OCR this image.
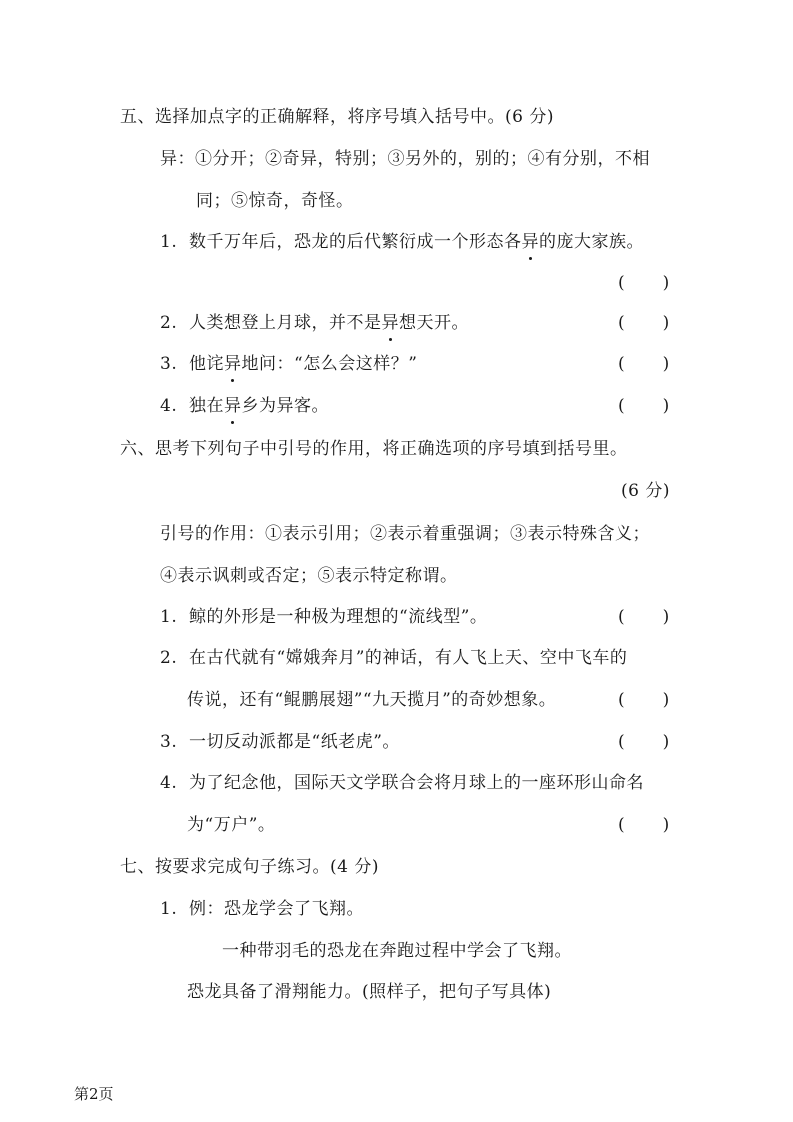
五、选择加点字的正确解释，将序号填入括号中。(6 分)
异：①分开；②奇异，特别；③另外的，别的；④有分别，不相
同；⑤惊奇，奇怪。
1. 数千万年后，恐龙的后代繁衍成一个形态各异的庞大家族。
( )
2. 人类想登上月球，并不是异想天开。	( )
3. 他诧异地问：“怎么会这样？”	( )
4. 独在异乡为异客。	( )
六、思考下列句子中引号的作用，将正确选项的序号填到括号里。
(6 分)
引号的作用：①表示引用；②表示着重强调；③表示特殊含义；
④表示讽刺或否定；⑤表示特定称谓。
1. 鲸的外形是一种极为理想的“流线型”。	( )
2. 在古代就有“嫦娥奔月”的神话，有人飞上天、空中飞车的
传说，还有“鲲鹏展翅”“九天揽月”的奇妙想象。	( )
3. 一切反动派都是“纸老虎”。	( )
4. 为了纪念他，国际天文学联合会将月球上的一座环形山命名
为“万户”。	( )
七、按要求完成句子练习。(4 分)
1. 例：恐龙学会了飞翔。
一种带羽毛的恐龙在奔跑过程中学会了飞翔。
恐龙具备了滑翔能力。(照样子，把句子写具体)
第2页
